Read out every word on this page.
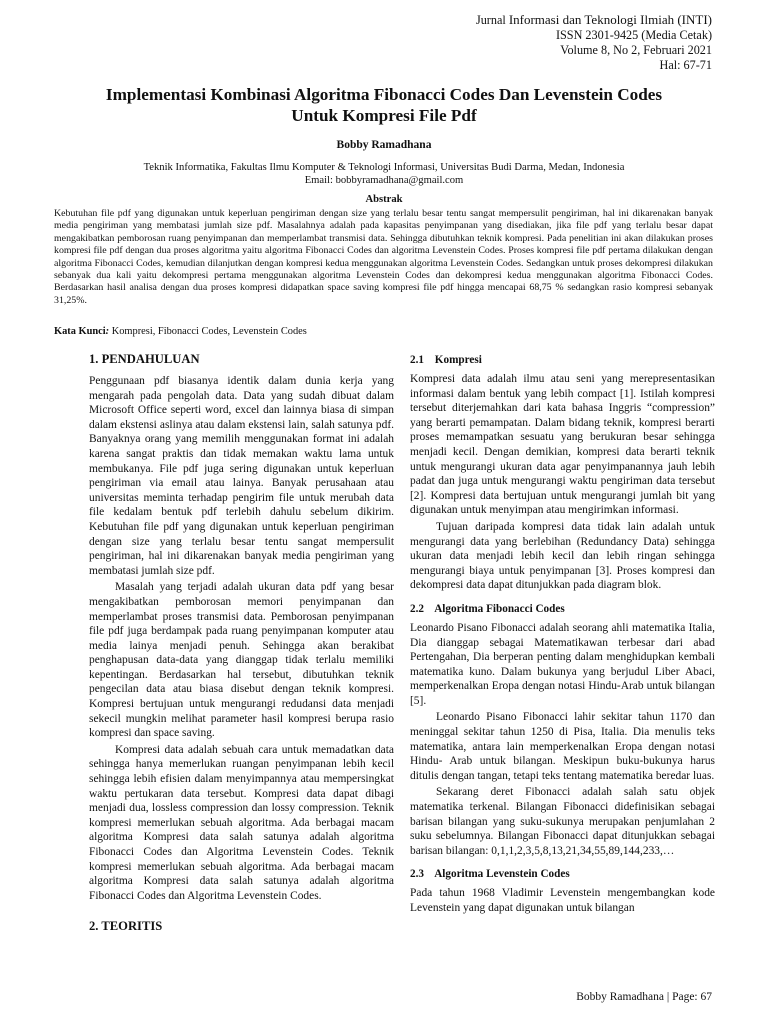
Jurnal Informasi dan Teknologi Ilmiah (INTI)
ISSN 2301-9425 (Media Cetak)
Volume 8, No 2, Februari 2021
Hal: 67-71
Implementasi Kombinasi Algoritma Fibonacci Codes Dan Levenstein Codes
Untuk Kompresi File Pdf
Bobby Ramadhana
Teknik Informatika, Fakultas Ilmu Komputer & Teknologi Informasi, Universitas Budi Darma, Medan, Indonesia
Email: bobbyramadhana@gmail.com
Abstrak

Kebutuhan file pdf yang digunakan untuk keperluan pengiriman dengan size yang terlalu besar tentu sangat mempersulit pengiriman, hal ini dikarenakan banyak media pengiriman yang membatasi jumlah size pdf. Masalahnya adalah pada kapasitas penyimpanan yang disediakan, jika file pdf yang terlalu besar dapat mengakibatkan pemborosan ruang penyimpanan dan memperlambat transmisi data. Sehingga dibutuhkan teknik kompresi. Pada penelitian ini akan dilakukan proses kompresi file pdf dengan dua proses algoritma yaitu algoritma Fibonacci Codes dan algoritma Levenstein Codes. Proses kompresi file pdf pertama dilakukan dengan algoritma Fibonacci Codes, kemudian dilanjutkan dengan kompresi kedua menggunakan algoritma Levenstein Codes. Sedangkan untuk proses dekompresi dilakukan sebanyak dua kali yaitu dekompresi pertama menggunakan algoritma Levenstein Codes dan dekompresi kedua menggunakan algoritma Fibonacci Codes. Berdasarkan hasil analisa dengan dua proses kompresi didapatkan space saving kompresi file pdf hingga mencapai 68,75 % sedangkan rasio kompresi sebanyak 31,25%.

Kata Kunci: Kompresi, Fibonacci Codes, Levenstein Codes

1. PENDAHULUAN

Penggunaan pdf biasanya identik dalam dunia kerja yang mengarah pada pengolah data. Data yang sudah dibuat dalam Microsoft Office seperti word, excel dan lainnya biasa di simpan dalam ekstensi aslinya atau dalam ekstensi lain, salah satunya pdf. Banyaknya orang yang memilih menggunakan format ini adalah karena sangat praktis dan tidak memakan waktu lama untuk membukanya. File pdf juga sering digunakan untuk keperluan pengiriman via email atau lainya. Banyak perusahaan atau universitas meminta terhadap pengirim file untuk merubah data file kedalam bentuk pdf terlebih dahulu sebelum dikirim. Kebutuhan file pdf yang digunakan untuk keperluan pengiriman dengan size yang terlalu besar tentu sangat mempersulit pengiriman, hal ini dikarenakan banyak media pengiriman yang membatasi jumlah size pdf.

Masalah yang terjadi adalah ukuran data pdf yang besar mengakibatkan pemborosan memori penyimpanan dan memperlambat proses transmisi data. Pemborosan penyimpanan file pdf juga berdampak pada ruang penyimpanan komputer atau media lainya menjadi penuh. Sehingga akan berakibat penghapusan data-data yang dianggap tidak terlalu memiliki kepentingan. Berdasarkan hal tersebut, dibutuhkan teknik pengecilan data atau biasa disebut dengan teknik kompresi. Kompresi bertujuan untuk mengurangi redudansi data menjadi sekecil mungkin melihat parameter hasil kompresi berupa rasio kompresi dan space saving.

Kompresi data adalah sebuah cara untuk memadatkan data sehingga hanya memerlukan ruangan penyimpanan lebih kecil sehingga lebih efisien dalam menyimpannya atau mempersingkat waktu pertukaran data tersebut. Kompresi data dapat dibagi menjadi dua, lossless compression dan lossy compression. Teknik kompresi memerlukan sebuah algoritma. Ada berbagai macam algoritma Kompresi data salah satunya adalah algoritma Fibonacci Codes dan Algoritma Levenstein Codes. Teknik kompresi memerlukan sebuah algoritma. Ada berbagai macam algoritma Kompresi data salah satunya adalah algoritma Fibonacci Codes dan Algoritma Levenstein Codes.

2. TEORITIS
2.1 Kompresi

Kompresi data adalah ilmu atau seni yang merepresentasikan informasi dalam bentuk yang lebih compact [1]. Istilah kompresi tersebut diterjemahkan dari kata bahasa Inggris “compression” yang berarti pemampatan. Dalam bidang teknik, kompresi berarti proses memampatkan sesuatu yang berukuran besar sehingga menjadi kecil. Dengan demikian, kompresi data berarti teknik untuk mengurangi ukuran data agar penyimpanannya jauh lebih padat dan juga untuk mengurangi waktu pengiriman data tersebut [2]. Kompresi data bertujuan untuk mengurangi jumlah bit yang digunakan untuk menyimpan atau mengirimkan informasi.

Tujuan daripada kompresi data tidak lain adalah untuk mengurangi data yang berlebihan (Redundancy Data) sehingga ukuran data menjadi lebih kecil dan lebih ringan sehingga mengurangi biaya untuk penyimpanan [3]. Proses kompresi dan dekompresi data dapat ditunjukkan pada diagram blok.

2.2 Algoritma Fibonacci Codes

Leonardo Pisano Fibonacci adalah seorang ahli matematika Italia, Dia dianggap sebagai Matematikawan terbesar dari abad Pertengahan, Dia berperan penting dalam menghidupkan kembali matematika kuno. Dalam bukunya yang berjudul Liber Abaci, memperkenalkan Eropa dengan notasi Hindu-Arab untuk bilangan [5].

Leonardo Pisano Fibonacci lahir sekitar tahun 1170 dan meninggal sekitar tahun 1250 di Pisa, Italia. Dia menulis teks matematika, antara lain memperkenalkan Eropa dengan notasi Hindu- Arab untuk bilangan. Meskipun buku-bukunya harus ditulis dengan tangan, tetapi teks tentang matematika beredar luas.

Sekarang deret Fibonacci adalah salah satu objek matematika terkenal. Bilangan Fibonacci didefinisikan sebagai barisan bilangan yang suku-sukunya merupakan penjumlahan 2 suku sebelumnya. Bilangan Fibonacci dapat ditunjukkan sebagai barisan bilangan: 0,1,1,2,3,5,8,13,21,34,55,89,144,233,…

2.3 Algoritma Levenstein Codes

Pada tahun 1968 Vladimir Levenstein mengembangkan kode Levenstein yang dapat digunakan untuk bilangan

Bobby Ramadhana | Page: 67
